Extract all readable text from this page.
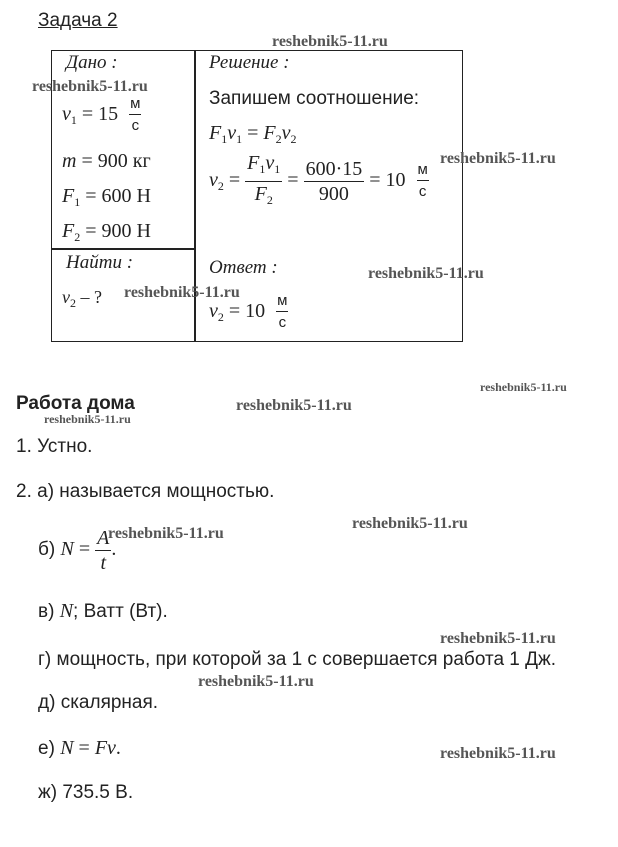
Задача 2
Дано :
$v_1 = 15 \frac{м}{с}$
m = 900 кг
$F_1 = 600$ Н
$F_2 = 900$ Н
Найти :
$v_2$ – ?
Решение :
Запишем соотношение:
$F_1v_1 = F_2v_2$
$v_2 = \frac{F_1v_1}{F_2} = \frac{600\cdot 15}{900} = 10 \frac{м}{с}$
Ответ :
$v_2 = 10 \frac{м}{с}$
Работа дома
1. Устно.
2. а) называется мощностью.
б) $N = \frac{A}{t}$ .
в) N; Ватт (Вт).
г) мощность, при которой за 1 с совершается работа 1 Дж.
д) скалярная.
е) N = Fv.
ж) 735.5 В.
reshebnik5-11.ru
reshebnik5-11.ru
reshebnik5-11.ru
reshebnik5-11.ru
reshebnik5-11.ru
reshebnik5-11.ru
reshebnik5-11.ru
reshebnik5-11.ru
reshebnik5-11.ru
reshebnik5-11.ru
reshebnik5-11.ru
reshebnik5-11.ru
reshebnik5-11.ru
